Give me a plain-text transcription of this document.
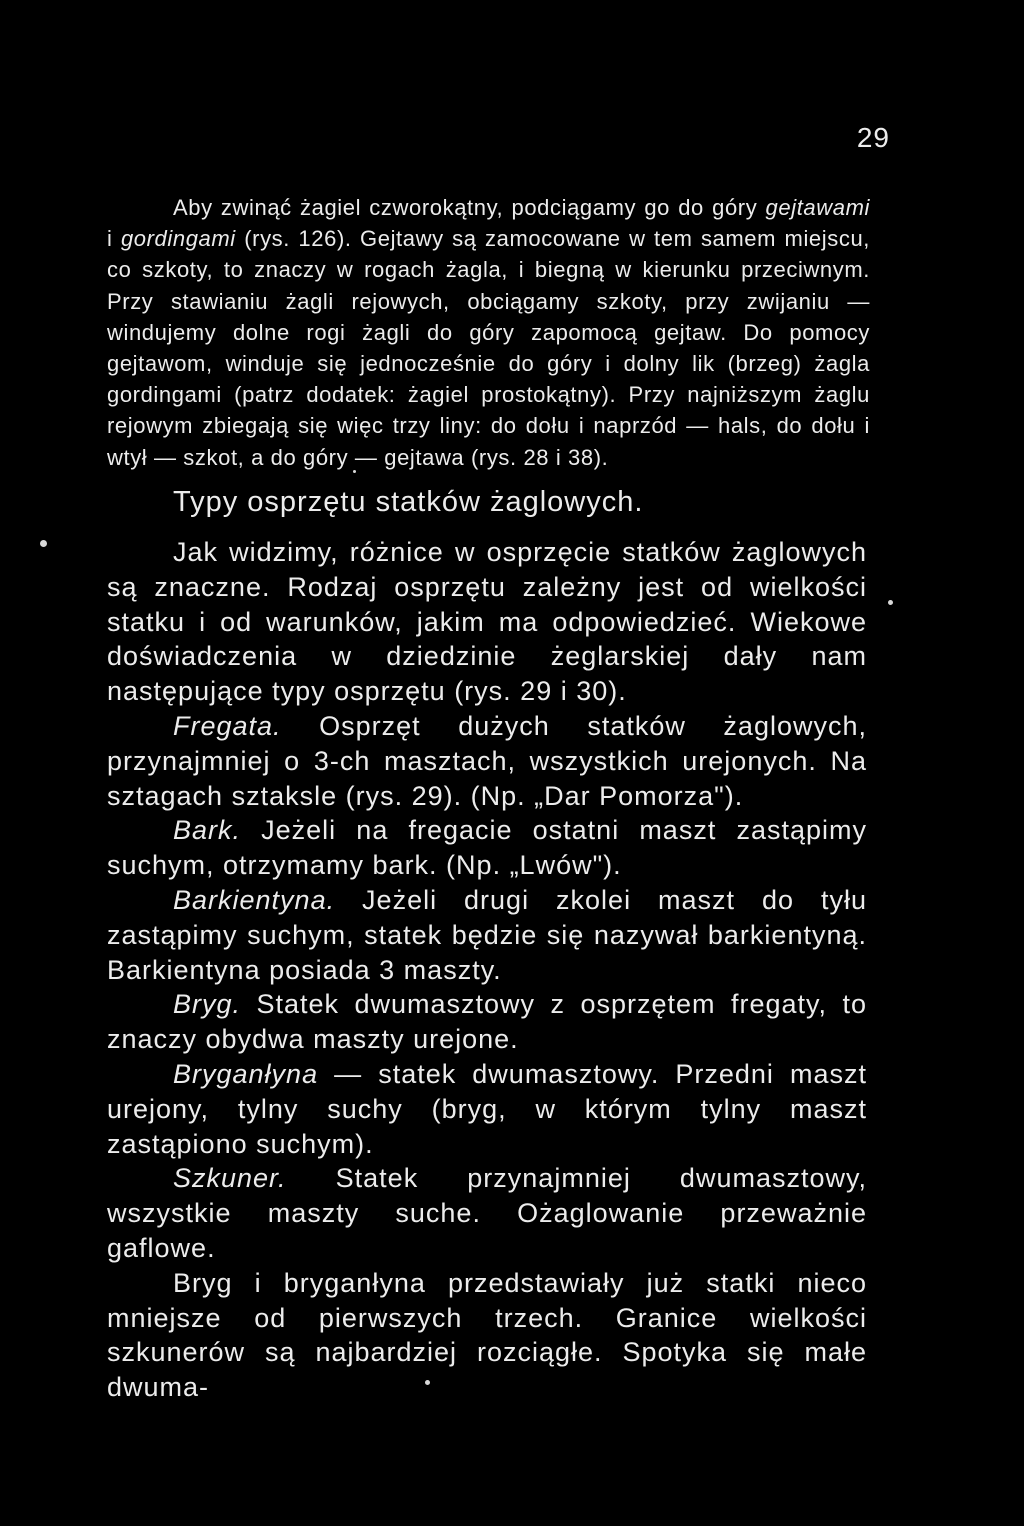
29

Aby zwinąć żagiel czworokątny, podciągamy go do góry gejtawami i gordingami (rys. 126). Gejtawy są zamocowane w tem samem miejscu, co szkoty, to znaczy w rogach żagla, i biegną w kierunku przeciwnym. Przy stawianiu żagli rejowych, obciągamy szkoty, przy zwijaniu — windujemy dolne rogi żagli do góry zapomocą gejtaw. Do pomocy gejtawom, winduje się jednocześnie do góry i dolny lik (brzeg) żagla gordingami (patrz dodatek: żagiel prostokątny). Przy najniższym żaglu rejowym zbiegają się więc trzy liny: do dołu i naprzód — hals, do dołu i wtył — szkot, a do góry — gejtawa (rys. 28 i 38).

Typy osprzętu statków żaglowych.

Jak widzimy, różnice w osprzęcie statków żaglowych są znaczne. Rodzaj osprzętu zależny jest od wielkości statku i od warunków, jakim ma odpowiedzieć. Wiekowe doświadczenia w dziedzinie żeglarskiej dały nam następujące typy osprzętu (rys. 29 i 30).

Fregata. Osprzęt dużych statków żaglowych, przynajmniej o 3-ch masztach, wszystkich urejonych. Na sztagach sztaksle (rys. 29). (Np. „Dar Pomorza").

Bark. Jeżeli na fregacie ostatni maszt zastąpimy suchym, otrzymamy bark. (Np. „Lwów").

Barkientyna. Jeżeli drugi zkolei maszt do tyłu zastąpimy suchym, statek będzie się nazywał barkientyną. Barkientyna posiada 3 maszty.

Bryg. Statek dwumasztowy z osprzętem fregaty, to znaczy obydwa maszty urejone.

Bryganłyna — statek dwumasztowy. Przedni maszt urejony, tylny suchy (bryg, w którym tylny maszt zastąpiono suchym).

Szkuner. Statek przynajmniej dwumasztowy, wszystkie maszty suche. Ożaglowanie przeważnie gaflowe.

Bryg i bryganłyna przedstawiały już statki nieco mniejsze od pierwszych trzech. Granice wielkości szkunerów są najbardziej rozciągłe. Spotyka się małe dwuma-
